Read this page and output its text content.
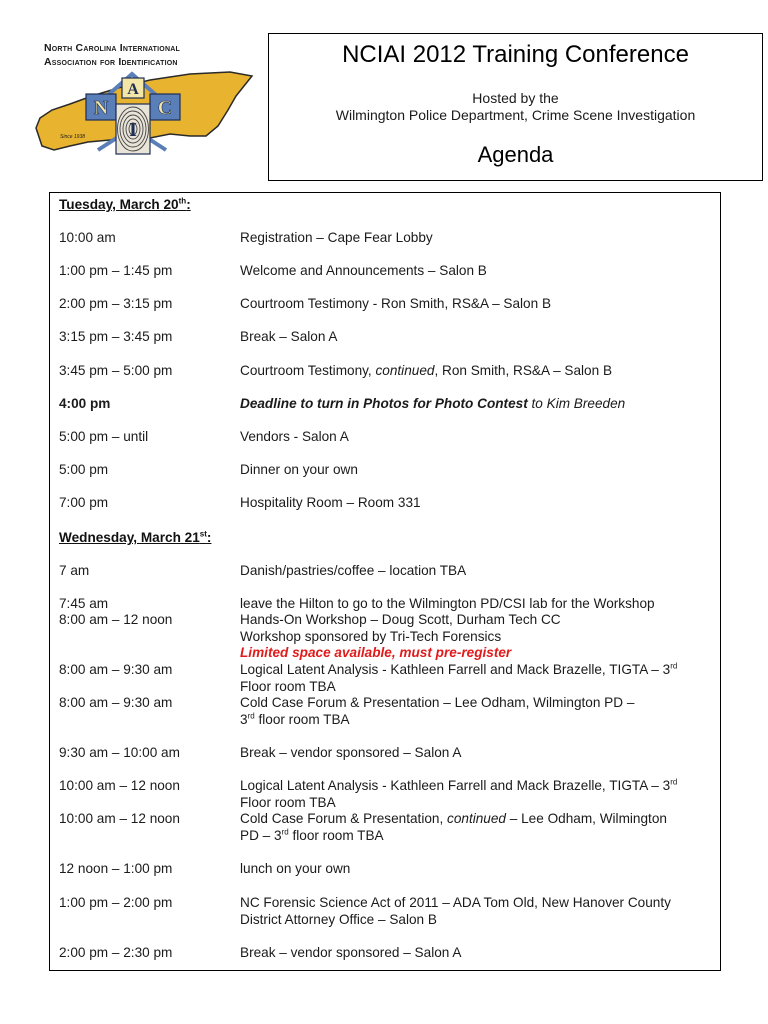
North Carolina International
Association for Identification
N
A
C
I
Since 1938
NCIAI 2012 Training Conference
Hosted by the
Wilmington Police Department, Crime Scene Investigation
Agenda
Tuesday, March 20th:
10:00 am	Registration – Cape Fear Lobby
1:00 pm – 1:45 pm	Welcome and Announcements – Salon B
2:00 pm – 3:15 pm	Courtroom Testimony - Ron Smith, RS&A – Salon B
3:15 pm – 3:45 pm	Break – Salon A
3:45 pm – 5:00 pm	Courtroom Testimony, continued, Ron Smith, RS&A – Salon B
4:00 pm	Deadline to turn in Photos for Photo Contest to Kim Breeden
5:00 pm – until	Vendors - Salon A
5:00 pm	Dinner on your own
7:00 pm	Hospitality Room – Room 331
Wednesday, March 21st:
7 am	Danish/pastries/coffee – location TBA
7:45 am	leave the Hilton to go to the Wilmington PD/CSI lab for the Workshop
8:00 am – 12 noon	Hands-On Workshop – Doug Scott, Durham Tech CC
Workshop sponsored by Tri-Tech Forensics
Limited space available, must pre-register
8:00 am – 9:30 am	Logical Latent Analysis - Kathleen Farrell and Mack Brazelle, TIGTA – 3rd
Floor room TBA
8:00 am – 9:30 am	Cold Case Forum & Presentation – Lee Odham, Wilmington PD –
3rd floor room TBA
9:30 am – 10:00 am	Break – vendor sponsored – Salon A
10:00 am – 12 noon	Logical Latent Analysis - Kathleen Farrell and Mack Brazelle, TIGTA – 3rd
Floor room TBA
10:00 am – 12 noon	Cold Case Forum & Presentation, continued – Lee Odham, Wilmington
PD – 3rd floor room TBA
12 noon – 1:00 pm	lunch on your own
1:00 pm – 2:00 pm	NC Forensic Science Act of 2011 – ADA Tom Old, New Hanover County
District Attorney Office – Salon B
2:00 pm – 2:30 pm	Break – vendor sponsored – Salon A
